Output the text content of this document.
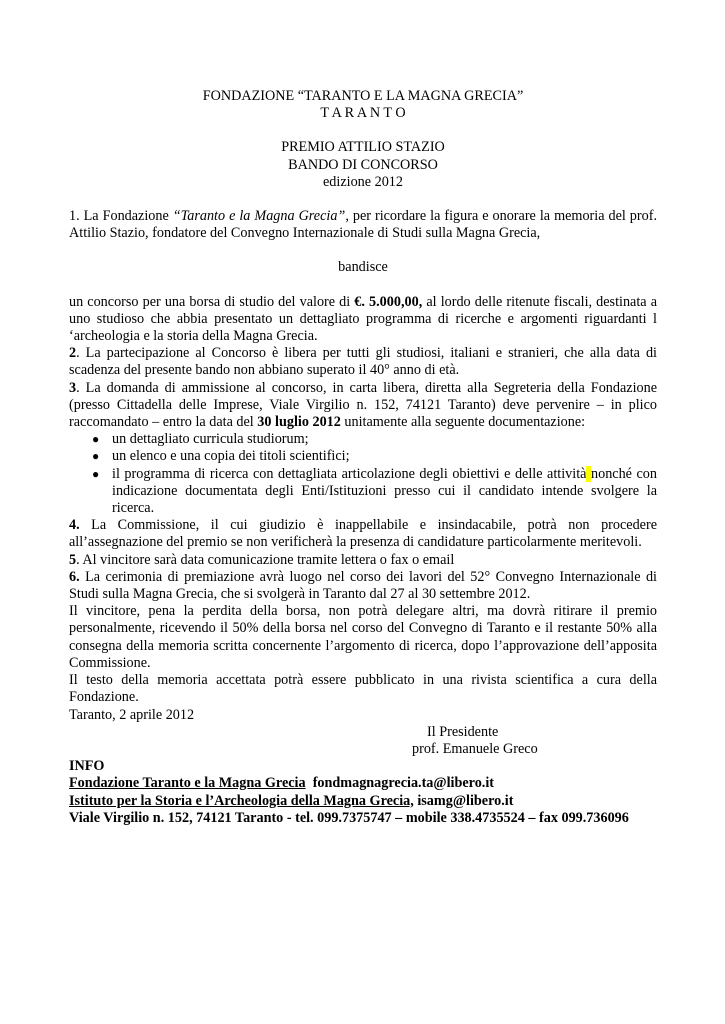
FONDAZIONE “TARANTO E LA MAGNA GRECIA”
T A R A N T O
PREMIO ATTILIO STAZIO
BANDO DI CONCORSO
edizione 2012

1. La Fondazione “Taranto e la Magna Grecia”, per ricordare la figura e onorare la memoria del prof. Attilio Stazio, fondatore del Convegno Internazionale di Studi sulla Magna Grecia,

bandisce

un concorso per una borsa di studio del valore di €. 5.000,00, al lordo delle ritenute fiscali, destinata a uno studioso che abbia presentato un dettagliato programma di ricerche e argomenti riguardanti l ‘archeologia e la storia della Magna Grecia.

2. La partecipazione al Concorso è libera per tutti gli studiosi, italiani e stranieri, che alla data di scadenza del presente bando non abbiano superato il 40° anno di età.

3. La domanda di ammissione al concorso, in carta libera, diretta alla Segreteria della Fondazione (presso Cittadella delle Imprese, Viale Virgilio n. 152, 74121 Taranto) deve pervenire – in plico raccomandato – entro la data del 30 luglio 2012 unitamente alla seguente documentazione:

● un dettagliato curricula studiorum;
● un elenco e una copia dei titoli scientifici;
● il programma di ricerca con dettagliata articolazione degli obiettivi e delle attività nonché con indicazione documentata degli Enti/Istituzioni presso cui il candidato intende svolgere la ricerca.

4. La Commissione, il cui giudizio è inappellabile e insindacabile, potrà non procedere all’assegnazione del premio se non verificherà la presenza di candidature particolarmente meritevoli.

5. Al vincitore sarà data comunicazione tramite lettera o fax o email

6. La cerimonia di premiazione avrà luogo nel corso dei lavori del 52° Convegno Internazionale di Studi sulla Magna Grecia, che si svolgerà in Taranto dal 27 al 30 settembre 2012.

Il vincitore, pena la perdita della borsa, non potrà delegare altri, ma dovrà ritirare il premio personalmente, ricevendo il 50% della borsa nel corso del Convegno di Taranto e il restante 50% alla consegna della memoria scritta concernente l’argomento di ricerca, dopo l’approvazione dell’apposita Commissione.

Il testo della memoria accettata potrà essere pubblicato in una rivista scientifica a cura della Fondazione.

Taranto, 2 aprile 2012
Il Presidente
prof. Emanuele Greco
INFO
Fondazione Taranto e la Magna Grecia  fondmagnagrecia.ta@libero.it
Istituto per la Storia e l’Archeologia della Magna Grecia, isamg@libero.it
Viale Virgilio n. 152, 74121 Taranto - tel. 099.7375747 – mobile 338.4735524 – fax 099.736096
